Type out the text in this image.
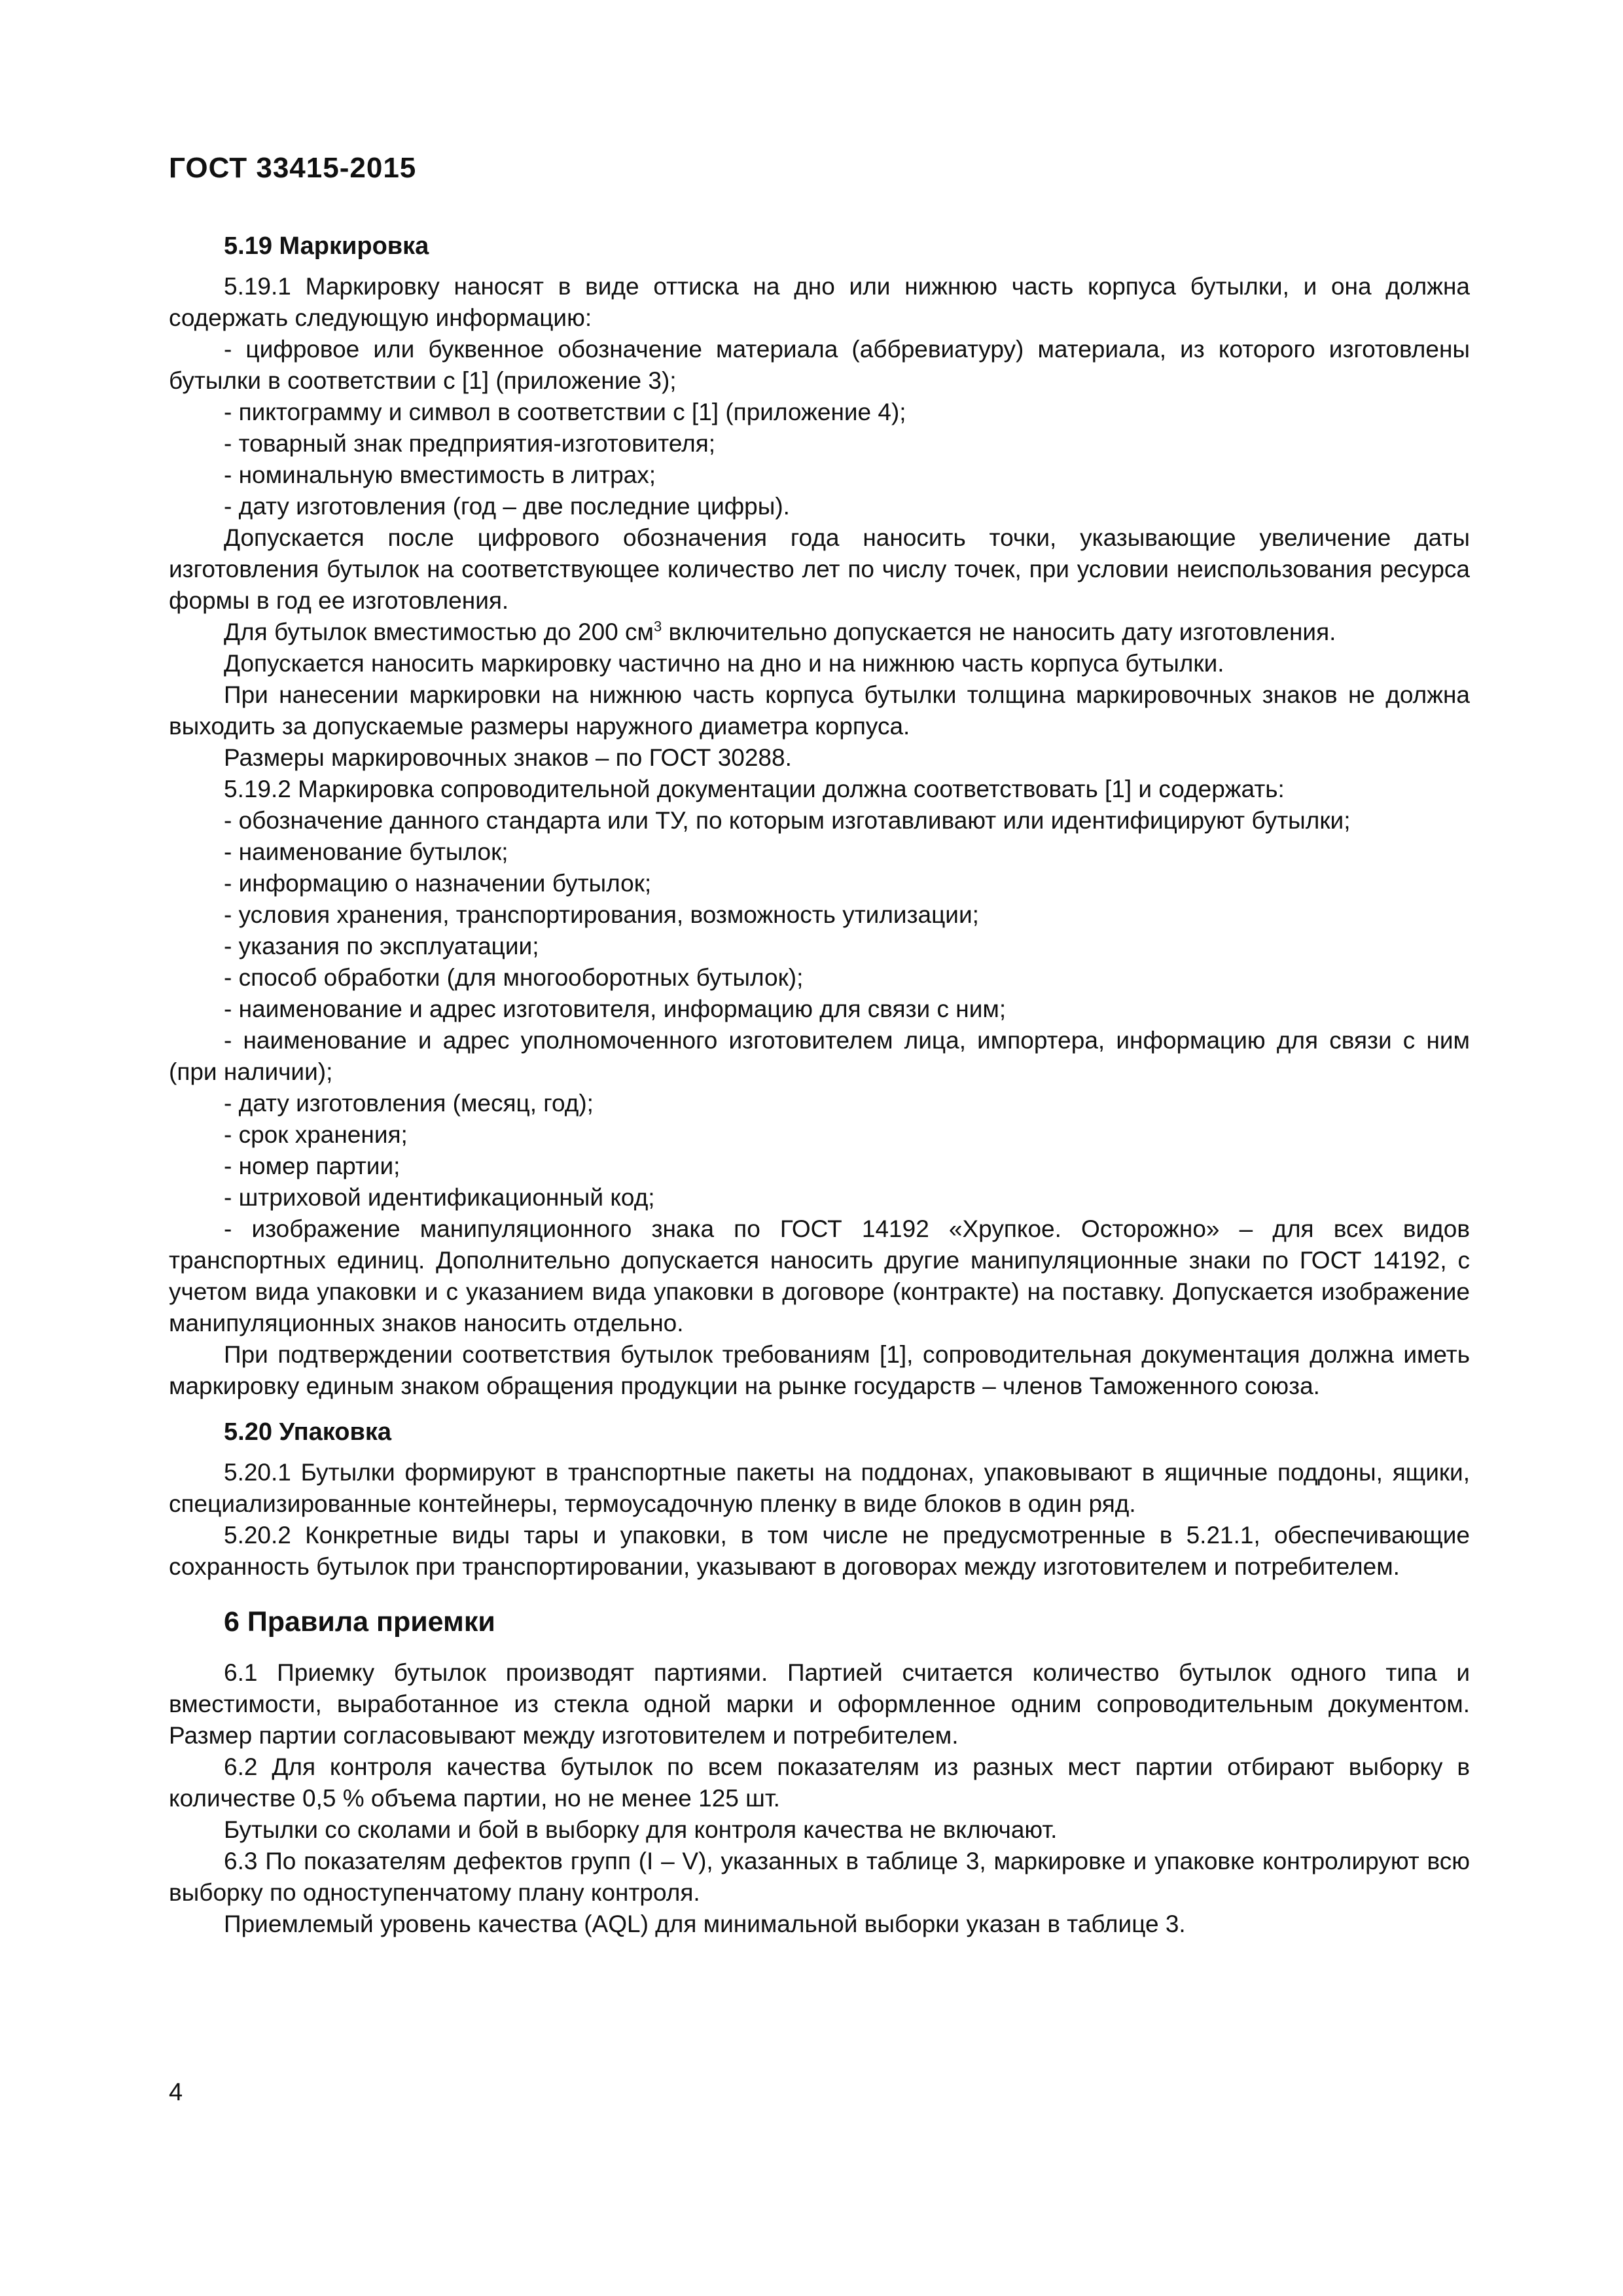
ГОСТ 33415-2015
5.19 Маркировка

5.19.1 Маркировку наносят в виде оттиска на дно или нижнюю часть корпуса бутылки, и она должна содержать следующую информацию:

- цифровое или буквенное обозначение материала (аббревиатуру) материала, из которого изготовлены бутылки в соответствии с [1] (приложение 3);

- пиктограмму и символ в соответствии с [1] (приложение 4);

- товарный знак предприятия-изготовителя;

- номинальную вместимость в литрах;

- дату изготовления (год – две последние цифры).

Допускается после цифрового обозначения года наносить точки, указывающие увеличение даты изготовления бутылок на соответствующее количество лет по числу точек, при условии неиспользования ресурса формы в год ее изготовления.

Для бутылок вместимостью до 200 $см^3$ включительно допускается не наносить дату изготовления.

Допускается наносить маркировку частично на дно и на нижнюю часть корпуса бутылки.

При нанесении маркировки на нижнюю часть корпуса бутылки толщина маркировочных знаков не должна выходить за допускаемые размеры наружного диаметра корпуса.

Размеры маркировочных знаков – по ГОСТ 30288.

5.19.2 Маркировка сопроводительной документации должна соответствовать [1] и содержать:

- обозначение данного стандарта или ТУ, по которым изготавливают или идентифицируют бутылки;

- наименование бутылок;

- информацию о назначении бутылок;

- условия хранения, транспортирования, возможность утилизации;

- указания по эксплуатации;

- способ обработки (для многооборотных бутылок);

- наименование и адрес изготовителя, информацию для связи с ним;

- наименование и адрес уполномоченного изготовителем лица, импортера, информацию для связи с ним (при наличии);

- дату изготовления (месяц, год);

- срок хранения;

- номер партии;

- штриховой идентификационный код;

- изображение манипуляционного знака по ГОСТ 14192 «Хрупкое. Осторожно» – для всех видов транспортных единиц. Дополнительно допускается наносить другие манипуляционные знаки по ГОСТ 14192, с учетом вида упаковки и с указанием вида упаковки в договоре (контракте) на поставку. Допускается изображение манипуляционных знаков наносить отдельно.

При подтверждении соответствия бутылок требованиям [1], сопроводительная документация должна иметь маркировку единым знаком обращения продукции на рынке государств – членов Таможенного союза.

5.20 Упаковка

5.20.1 Бутылки формируют в транспортные пакеты на поддонах, упаковывают в ящичные поддоны, ящики, специализированные контейнеры, термоусадочную пленку в виде блоков в один ряд.

5.20.2 Конкретные виды тары и упаковки, в том числе не предусмотренные в 5.21.1, обеспечивающие сохранность бутылок при транспортировании, указывают в договорах между изготовителем и потребителем.

6 Правила приемки

6.1 Приемку бутылок производят партиями. Партией считается количество бутылок одного типа и вместимости, выработанное из стекла одной марки и оформленное одним сопроводительным документом. Размер партии согласовывают между изготовителем и потребителем.

6.2 Для контроля качества бутылок по всем показателям из разных мест партии отбирают выборку в количестве 0,5 % объема партии, но не менее 125 шт.

Бутылки со сколами и бой в выборку для контроля качества не включают.

6.3 По показателям дефектов групп (I – V), указанных в таблице 3, маркировке и упаковке контролируют всю выборку по одноступенчатому плану контроля.

Приемлемый уровень качества (AQL) для минимальной выборки указан в таблице 3.

4
